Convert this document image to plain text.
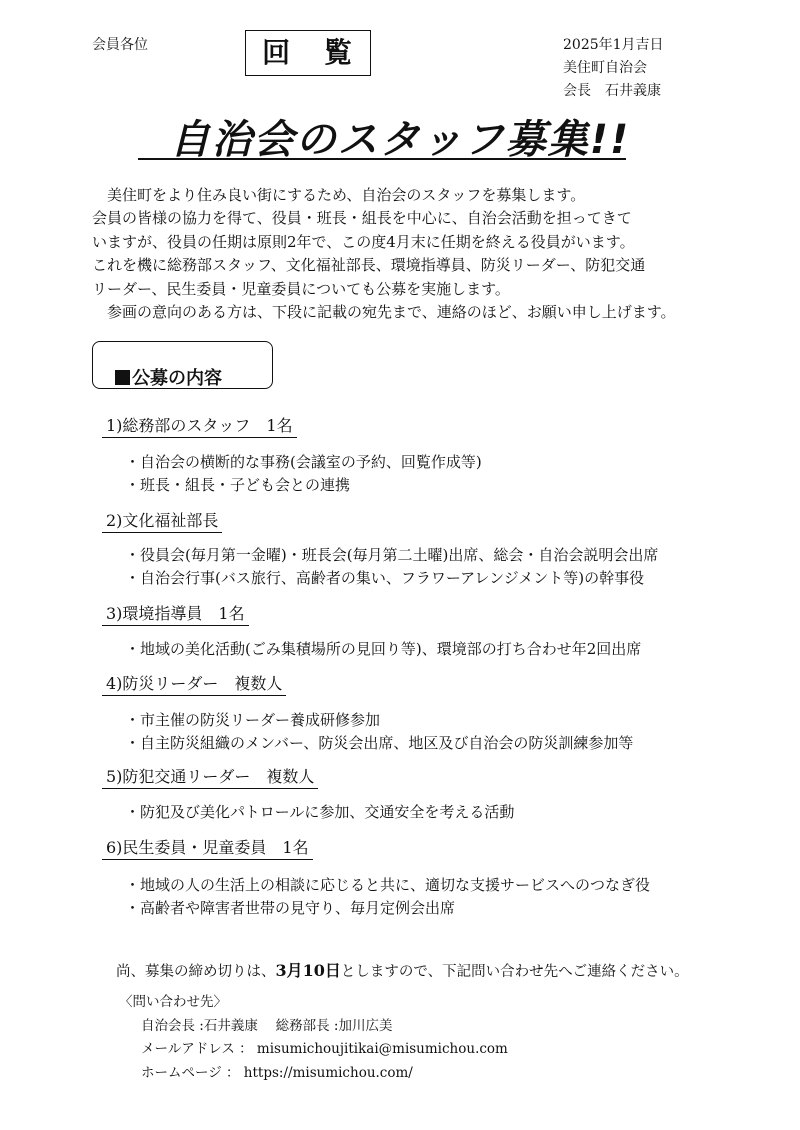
会員各位	回 覧	2025年1月吉日
美住町自治会
会長　石井義康
自治会のスタッフ募集!!
　美住町をより住み良い街にするため、自治会のスタッフを募集します。
会員の皆様の協力を得て、役員・班長・組長を中心に、自治会活動を担ってきて
いますが、役員の任期は原則2年で、この度4月末に任期を終える役員がいます。
これを機に総務部スタッフ、文化福祉部長、環境指導員、防災リーダー、防犯交通
リーダー、民生委員・児童委員についても公募を実施します。
　参画の意向のある方は、下段に記載の宛先まで、連絡のほど、お願い申し上げます。
公募の内容
1)総務部のスタッフ　1名
・自治会の横断的な事務(会議室の予約、回覧作成等)
・班長・組長・子ども会との連携
2)文化福祉部長
・役員会(毎月第一金曜)・班長会(毎月第二土曜)出席、総会・自治会説明会出席
・自治会行事(バス旅行、高齢者の集い、フラワーアレンジメント等)の幹事役
3)環境指導員　1名
・地域の美化活動(ごみ集積場所の見回り等)、環境部の打ち合わせ年2回出席
4)防災リーダー　複数人
・市主催の防災リーダー養成研修参加
・自主防災組織のメンバー、防災会出席、地区及び自治会の防災訓練参加等
5)防犯交通リーダー　複数人
・防犯及び美化パトロールに参加、交通安全を考える活動
6)民生委員・児童委員　1名
・地域の人の生活上の相談に応じると共に、適切な支援サービスへのつなぎ役
・高齢者や障害者世帯の見守り、毎月定例会出席
尚、募集の締め切りは、3月10日としますので、下記問い合わせ先へご連絡ください。
〈問い合わせ先〉
自治会長 :石井義康　 総務部長 :加川広美
メールアドレス ： misumichoujitikai@misumichou.com
ホームページ ： https://misumichou.com/
